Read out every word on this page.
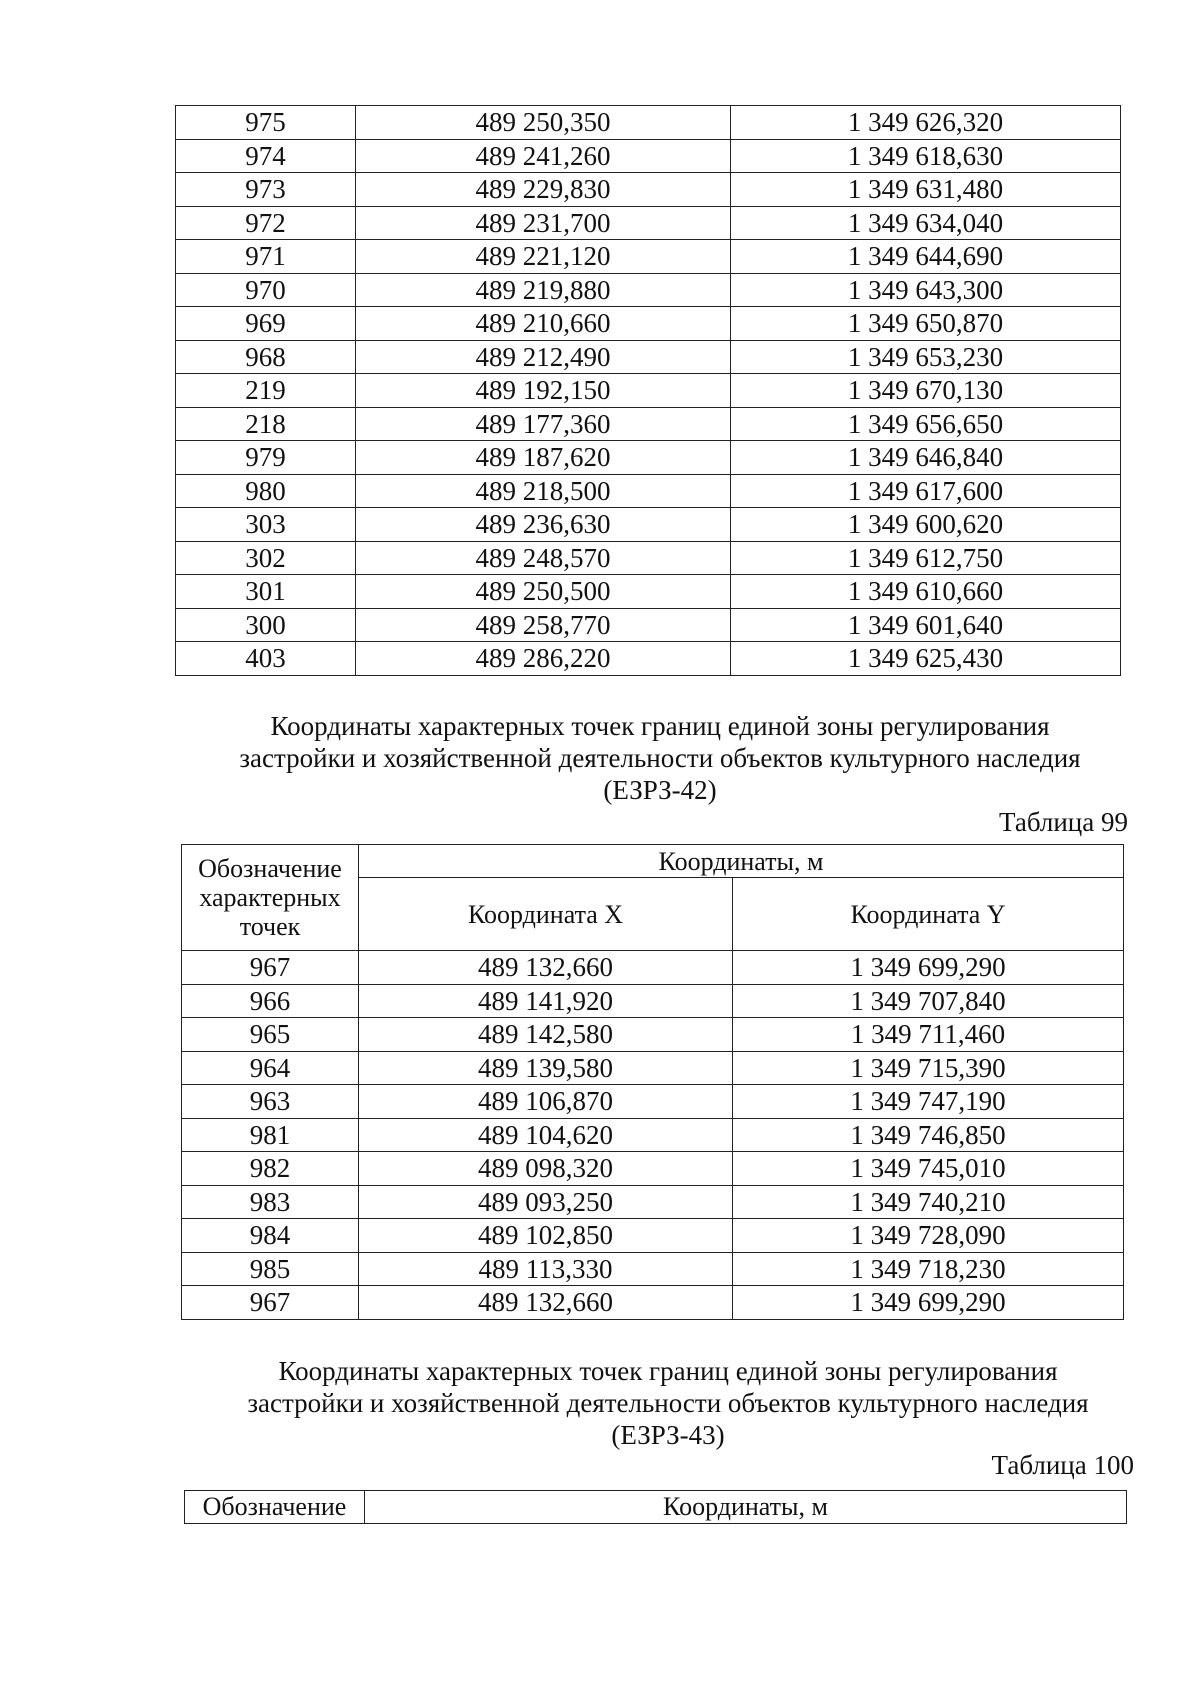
975	489 250,350	1 349 626,320
974	489 241,260	1 349 618,630
973	489 229,830	1 349 631,480
972	489 231,700	1 349 634,040
971	489 221,120	1 349 644,690
970	489 219,880	1 349 643,300
969	489 210,660	1 349 650,870
968	489 212,490	1 349 653,230
219	489 192,150	1 349 670,130
218	489 177,360	1 349 656,650
979	489 187,620	1 349 646,840
980	489 218,500	1 349 617,600
303	489 236,630	1 349 600,620
302	489 248,570	1 349 612,750
301	489 250,500	1 349 610,660
300	489 258,770	1 349 601,640
403	489 286,220	1 349 625,430
Координаты характерных точек границ единой зоны регулирования
застройки и хозяйственной деятельности объектов культурного наследия
(ЕЗРЗ-42)
Таблица 99
Обозначение
характерных
точек	Координаты, м	
	Координата X	Координата Y
967	489 132,660	1 349 699,290
966	489 141,920	1 349 707,840
965	489 142,580	1 349 711,460
964	489 139,580	1 349 715,390
963	489 106,870	1 349 747,190
981	489 104,620	1 349 746,850
982	489 098,320	1 349 745,010
983	489 093,250	1 349 740,210
984	489 102,850	1 349 728,090
985	489 113,330	1 349 718,230
967	489 132,660	1 349 699,290
Координаты характерных точек границ единой зоны регулирования
застройки и хозяйственной деятельности объектов культурного наследия
(ЕЗРЗ-43)
Таблица 100
Обозначение	Координаты, м
